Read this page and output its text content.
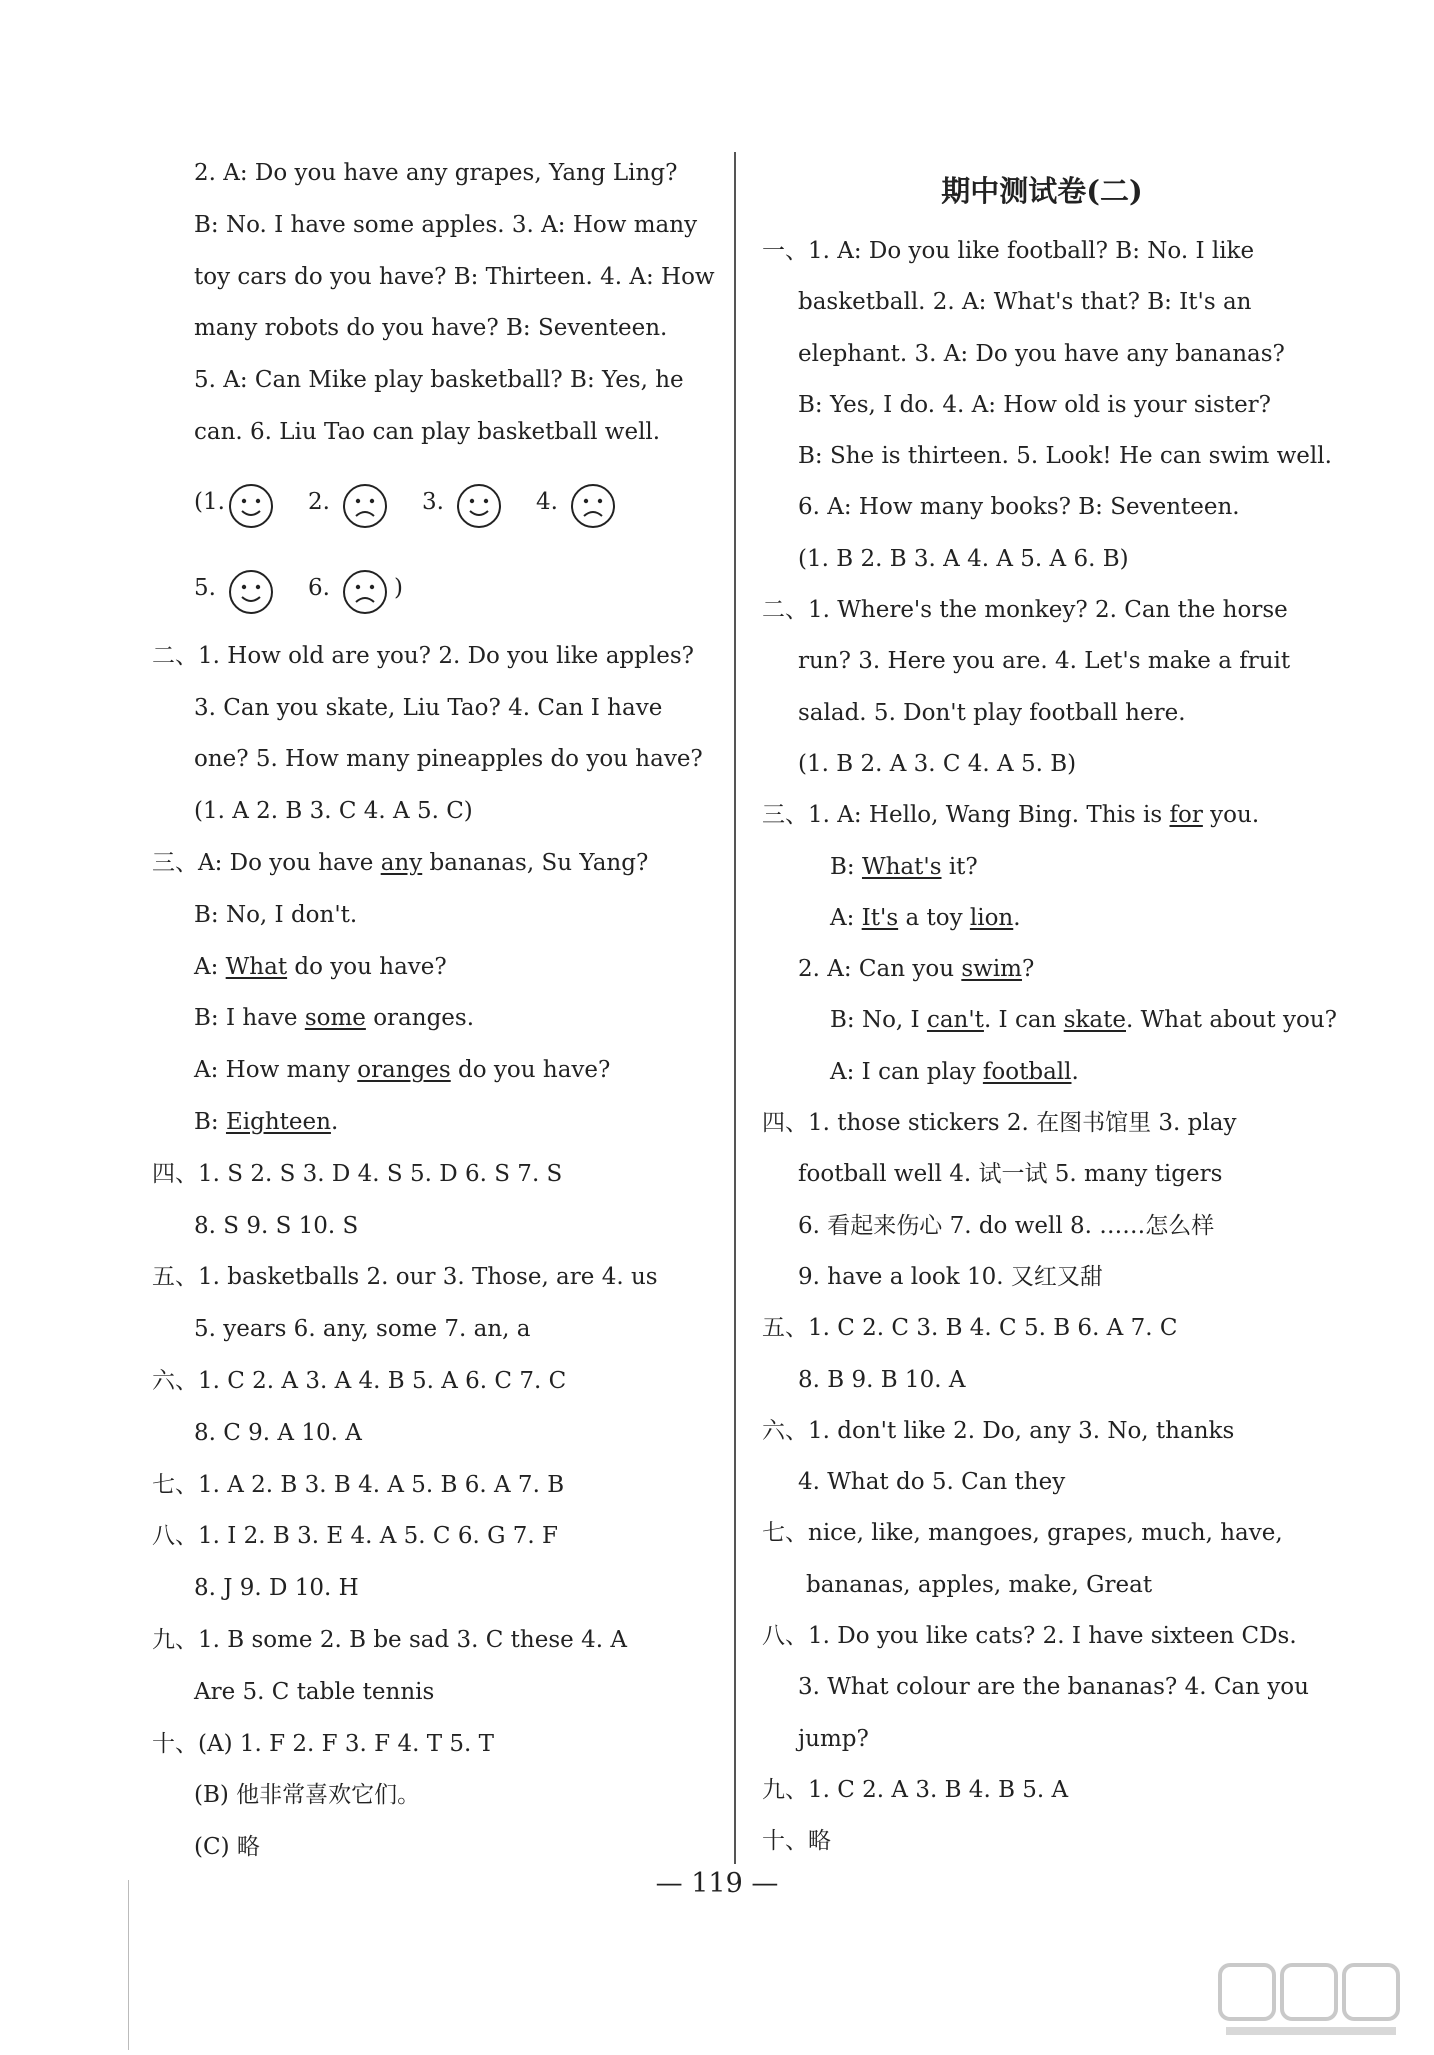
2. A: Do you have any grapes, Yang Ling?
B: No. I have some apples. 3. A: How many
toy cars do you have? B: Thirteen. 4. A: How
many robots do you have? B: Seventeen.
5. A: Can Mike play basketball? B: Yes, he
can. 6. Liu Tao can play basketball well.
(1.	2.	3.	4.
5.	6.	)
二、1. How old are you? 2. Do you like apples?
3. Can you skate, Liu Tao? 4. Can I have
one? 5. How many pineapples do you have?
(1. A 2. B 3. C 4. A 5. C)
三、A: Do you have any bananas, Su Yang?
B: No, I don't.
A: What do you have?
B: I have some oranges.
A: How many oranges do you have?
B: Eighteen.
四、1. S 2. S 3. D 4. S 5. D 6. S 7. S
8. S 9. S 10. S
五、1. basketballs 2. our 3. Those, are 4. us
5. years 6. any, some 7. an, a
六、1. C 2. A 3. A 4. B 5. A 6. C 7. C
8. C 9. A 10. A
七、1. A 2. B 3. B 4. A 5. B 6. A 7. B
八、1. I 2. B 3. E 4. A 5. C 6. G 7. F
8. J 9. D 10. H
九、1. B some 2. B be sad 3. C these 4. A
Are 5. C table tennis
十、(A) 1. F 2. F 3. F 4. T 5. T
(B) 他非常喜欢它们。
(C) 略
期中测试卷(二)
一、1. A: Do you like football? B: No. I like
basketball. 2. A: What's that? B: It's an
elephant. 3. A: Do you have any bananas?
B: Yes, I do. 4. A: How old is your sister?
B: She is thirteen. 5. Look! He can swim well.
6. A: How many books? B: Seventeen.
(1. B 2. B 3. A 4. A 5. A 6. B)
二、1. Where's the monkey? 2. Can the horse
run? 3. Here you are. 4. Let's make a fruit
salad. 5. Don't play football here.
(1. B 2. A 3. C 4. A 5. B)
三、1. A: Hello, Wang Bing. This is for you.
B: What's it?
A: It's a toy lion.
2. A: Can you swim?
B: No, I can't. I can skate. What about you?
A: I can play football.
四、1. those stickers 2. 在图书馆里 3. play
football well 4. 试一试 5. many tigers
6. 看起来伤心 7. do well 8. ……怎么样
9. have a look 10. 又红又甜
五、1. C 2. C 3. B 4. C 5. B 6. A 7. C
8. B 9. B 10. A
六、1. don't like 2. Do, any 3. No, thanks
4. What do 5. Can they
七、nice, like, mangoes, grapes, much, have,
bananas, apples, make, Great
八、1. Do you like cats? 2. I have sixteen CDs.
3. What colour are the bananas? 4. Can you
jump?
九、1. C 2. A 3. B 4. B 5. A
十、略
— 119 —
